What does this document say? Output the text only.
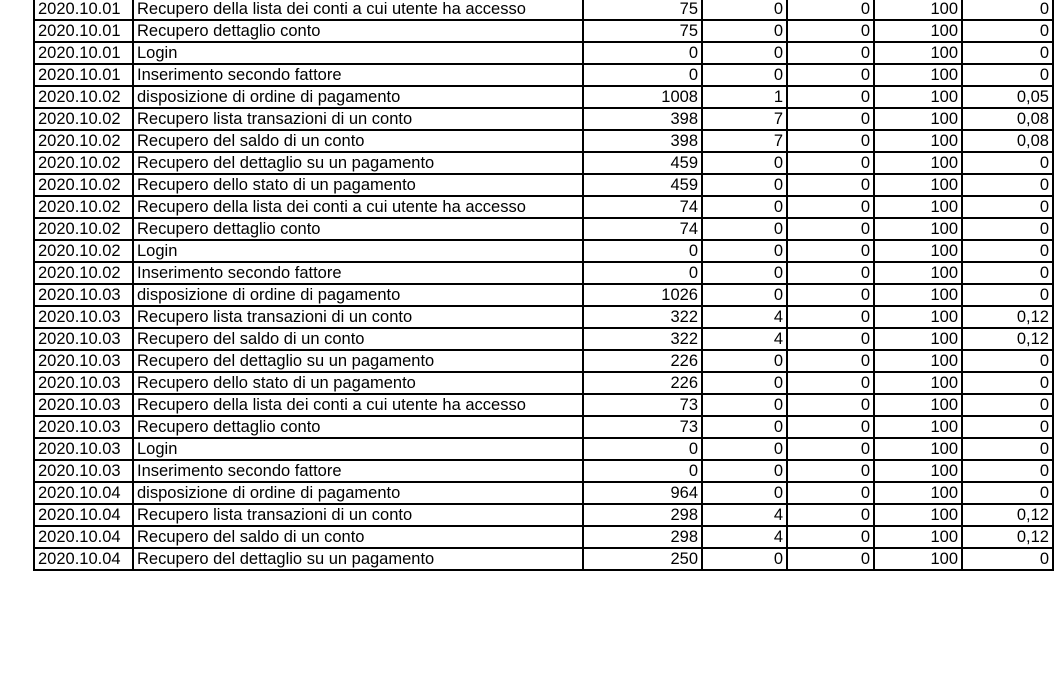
2020.10.01	Recupero della lista dei conti a cui utente ha accesso	75	0	0	100	0
2020.10.01	Recupero dettaglio conto	75	0	0	100	0
2020.10.01	Login	0	0	0	100	0
2020.10.01	Inserimento secondo fattore	0	0	0	100	0
2020.10.02	disposizione di ordine di pagamento	1008	1	0	100	0,05
2020.10.02	Recupero lista transazioni di un conto	398	7	0	100	0,08
2020.10.02	Recupero del saldo di un conto	398	7	0	100	0,08
2020.10.02	Recupero del dettaglio su un pagamento	459	0	0	100	0
2020.10.02	Recupero dello stato di un pagamento	459	0	0	100	0
2020.10.02	Recupero della lista dei conti a cui utente ha accesso	74	0	0	100	0
2020.10.02	Recupero dettaglio conto	74	0	0	100	0
2020.10.02	Login	0	0	0	100	0
2020.10.02	Inserimento secondo fattore	0	0	0	100	0
2020.10.03	disposizione di ordine di pagamento	1026	0	0	100	0
2020.10.03	Recupero lista transazioni di un conto	322	4	0	100	0,12
2020.10.03	Recupero del saldo di un conto	322	4	0	100	0,12
2020.10.03	Recupero del dettaglio su un pagamento	226	0	0	100	0
2020.10.03	Recupero dello stato di un pagamento	226	0	0	100	0
2020.10.03	Recupero della lista dei conti a cui utente ha accesso	73	0	0	100	0
2020.10.03	Recupero dettaglio conto	73	0	0	100	0
2020.10.03	Login	0	0	0	100	0
2020.10.03	Inserimento secondo fattore	0	0	0	100	0
2020.10.04	disposizione di ordine di pagamento	964	0	0	100	0
2020.10.04	Recupero lista transazioni di un conto	298	4	0	100	0,12
2020.10.04	Recupero del saldo di un conto	298	4	0	100	0,12
2020.10.04	Recupero del dettaglio su un pagamento	250	0	0	100	0
